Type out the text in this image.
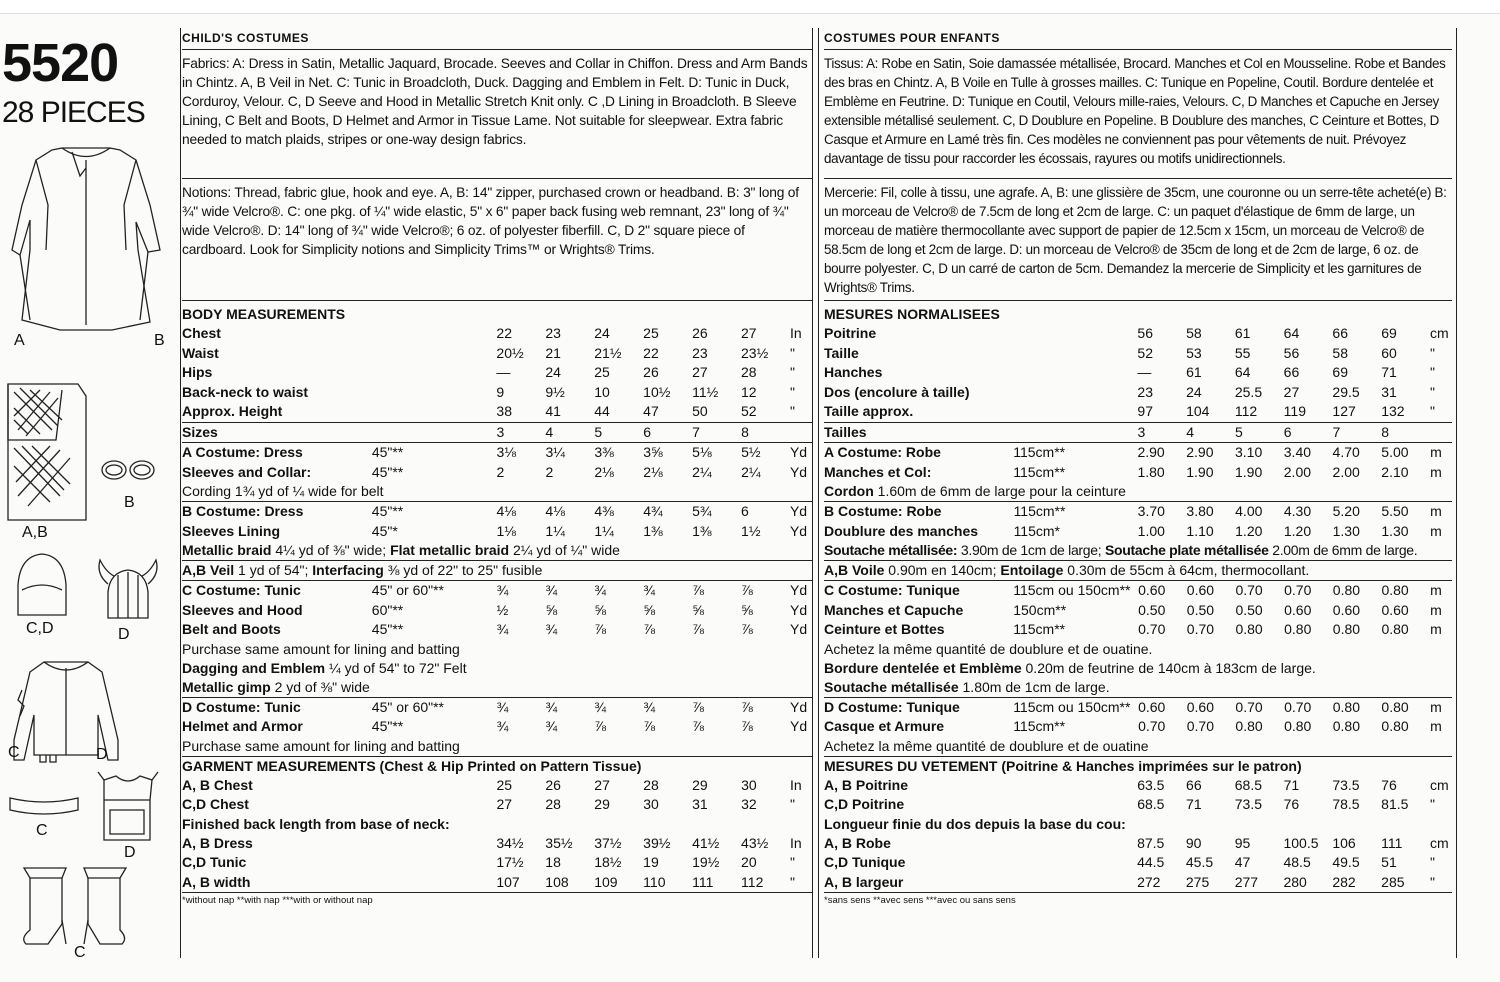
5520
28 PIECES
A	B
A,B
B
C,D	D
C	D
C
D
C
CHILD'S COSTUMES
Fabrics: A: Dress in Satin, Metallic Jaquard, Brocade. Seeves and Collar in Chiffon. Dress and Arm Bands in Chintz. A, B Veil in Net. C: Tunic in Broadcloth, Duck. Dagging and Emblem in Felt. D: Tunic in Duck, Corduroy, Velour. C, D Seeve and Hood in Metallic Stretch Knit only. C ,D Lining in Broadcloth. B Sleeve Lining, C Belt and Boots, D Helmet and Armor in Tissue Lame. Not suitable for sleepwear. Extra fabric needed to match plaids, stripes or one-way design fabrics.
Notions: Thread, fabric glue, hook and eye. A, B: 14" zipper, purchased crown or headband. B: 3" long of ¾" wide Velcro®. C: one pkg. of ¼" wide elastic, 5" x 6" paper back fusing web remnant, 23" long of ¾" wide Velcro®. D: 14" long of ¾" wide Velcro®; 6 oz. of polyester fiberfill. C, D 2" square piece of cardboard. Look for Simplicity notions and Simplicity Trims™ or Wrights® Trims.
BODY MEASUREMENTS
Chest		22	23	24	25	26	27	In
Waist		20½	21	21½	22	23	23½	"
Hips		—	24	25	26	27	28	"
Back-neck to waist		9	9½	10	10½	11½	12	"
Approx. Height		38	41	44	47	50	52	"
Sizes		3	4	5	6	7	8	
A Costume: Dress	45"**	3⅛	3¼	3⅜	3⅝	5⅛	5½	Yd
Sleeves and Collar:	45"**	2	2	2⅛	2⅛	2¼	2¼	Yd
Cording 1¾ yd of ¼ wide for belt
B Costume: Dress	45"**	4⅛	4⅛	4⅜	4¾	5¾	6	Yd
Sleeves Lining	45"*	1⅛	1¼	1¼	1⅜	1⅜	1½	Yd
Metallic braid 4¼ yd of ⅜" wide; Flat metallic braid 2¼ yd of ¼" wide
A,B Veil 1 yd of 54"; Interfacing ⅜ yd of 22" to 25" fusible
C Costume: Tunic	45" or 60"**	¾	¾	¾	¾	⅞	⅞	Yd
Sleeves and Hood	60"**	½	⅝	⅝	⅝	⅝	⅝	Yd
Belt and Boots	45"**	¾	¾	⅞	⅞	⅞	⅞	Yd
Purchase same amount for lining and batting
Dagging and Emblem ¼ yd of 54" to 72" Felt
Metallic gimp 2 yd of ⅜" wide
D Costume: Tunic	45" or 60"**	¾	¾	¾	¾	⅞	⅞	Yd
Helmet and Armor	45"**	¾	¾	⅞	⅞	⅞	⅞	Yd
Purchase same amount for lining and batting
GARMENT MEASUREMENTS (Chest & Hip Printed on Pattern Tissue)
A, B Chest		25	26	27	28	29	30	In
C,D Chest		27	28	29	30	31	32	"
Finished back length from base of neck:
A, B Dress		34½	35½	37½	39½	41½	43½	In
C,D Tunic		17½	18	18½	19	19½	20	"
A, B width		107	108	109	110	111	112	"
*without nap **with nap ***with or without nap
COSTUMES POUR ENFANTS
Tissus: A: Robe en Satin, Soie damassée métallisée, Brocard. Manches et Col en Mousseline. Robe et Bandes des bras en Chintz. A, B Voile en Tulle à grosses mailles. C: Tunique en Popeline, Coutil. Bordure dentelée et Emblème en Feutrine. D: Tunique en Coutil, Velours mille-raies, Velours. C, D Manches et Capuche en Jersey extensible métallisé seulement. C, D Doublure en Popeline. B Doublure des manches, C Ceinture et Bottes, D Casque et Armure en Lamé très fin. Ces modèles ne conviennent pas pour vêtements de nuit. Prévoyez davantage de tissu pour raccorder les écossais, rayures ou motifs unidirectionnels.
Mercerie: Fil, colle à tissu, une agrafe. A, B: une glissière de 35cm, une couronne ou un serre-tête acheté(e) B: un morceau de Velcro® de 7.5cm de long et 2cm de large. C: un paquet d'élastique de 6mm de large, un morceau de matière thermocollante avec support de papier de 12.5cm x 15cm, un morceau de Velcro® de 58.5cm de long et 2cm de large. D: un morceau de Velcro® de 35cm de long et de 2cm de large, 6 oz. de bourre polyester. C, D un carré de carton de 5cm. Demandez la mercerie de Simplicity et les garnitures de Wrights® Trims.
MESURES NORMALISEES
Poitrine		56	58	61	64	66	69	cm
Taille		52	53	55	56	58	60	"
Hanches		—	61	64	66	69	71	"
Dos (encolure à taille)		23	24	25.5	27	29.5	31	"
Taille approx.		97	104	112	119	127	132	"
Tailles		3	4	5	6	7	8	
A Costume: Robe	115cm**	2.90	2.90	3.10	3.40	4.70	5.00	m
Manches et Col:	115cm**	1.80	1.90	1.90	2.00	2.00	2.10	m
Cordon 1.60m de 6mm de large pour la ceinture
B Costume: Robe	115cm**	3.70	3.80	4.00	4.30	5.20	5.50	m
Doublure des manches	115cm*	1.00	1.10	1.20	1.20	1.30	1.30	m
Soutache métallisée: 3.90m de 1cm de large; Soutache plate métallisée 2.00m de 6mm de large.
A,B Voile 0.90m en 140cm; Entoilage 0.30m de 55cm à 64cm, thermocollant.
C Costume: Tunique	115cm ou 150cm**	0.60	0.60	0.70	0.70	0.80	0.80	m
Manches et Capuche	150cm**	0.50	0.50	0.50	0.60	0.60	0.60	m
Ceinture et Bottes	115cm**	0.70	0.70	0.80	0.80	0.80	0.80	m
Achetez la même quantité de doublure et de ouatine.
Bordure dentelée et Emblème 0.20m de feutrine de 140cm à 183cm de large.
Soutache métallisée 1.80m de 1cm de large.
D Costume: Tunique	115cm ou 150cm**	0.60	0.60	0.70	0.70	0.80	0.80	m
Casque et Armure	115cm**	0.70	0.70	0.80	0.80	0.80	0.80	m
Achetez la même quantité de doublure et de ouatine
MESURES DU VETEMENT (Poitrine & Hanches imprimées sur le patron)
A, B Poitrine		63.5	66	68.5	71	73.5	76	cm
C,D Poitrine		68.5	71	73.5	76	78.5	81.5	"
Longueur finie du dos depuis la base du cou:
A, B Robe		87.5	90	95	100.5	106	111	cm
C,D Tunique		44.5	45.5	47	48.5	49.5	51	"
A, B largeur		272	275	277	280	282	285	"
*sans sens **avec sens ***avec ou sans sens
